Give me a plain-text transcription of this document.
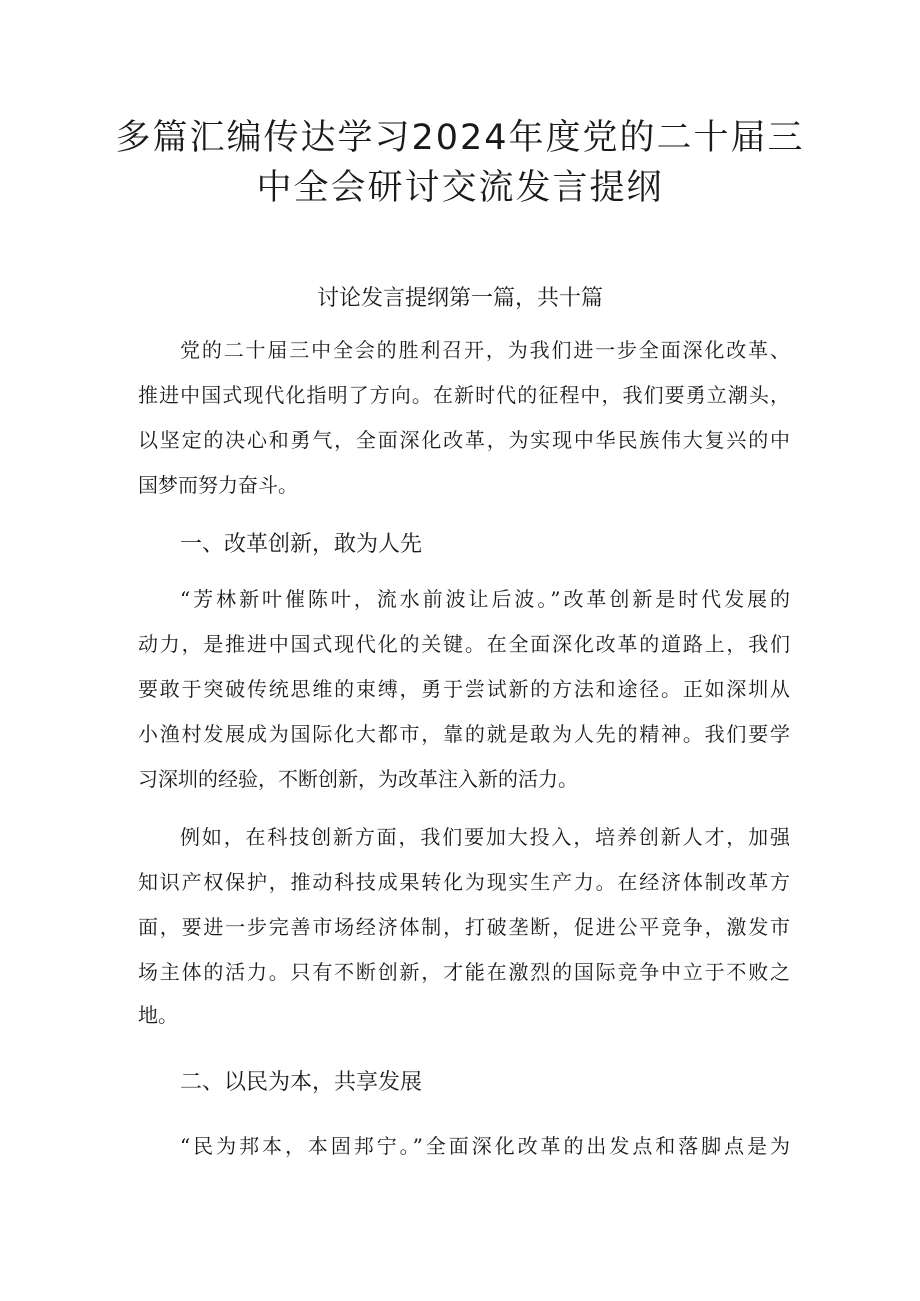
多篇汇编传达学习2024年度党的二十届三
中全会研讨交流发言提纲
讨论发言提纲第一篇，共十篇

党的二十届三中全会的胜利召开，为我们进一步全面深化改革、

推进中国式现代化指明了方向。在新时代的征程中，我们要勇立潮头，

以坚定的决心和勇气，全面深化改革，为实现中华民族伟大复兴的中

国梦而努力奋斗。

一、改革创新，敢为人先

“芳林新叶催陈叶，流水前波让后波。”改革创新是时代发展的

动力，是推进中国式现代化的关键。在全面深化改革的道路上，我们

要敢于突破传统思维的束缚，勇于尝试新的方法和途径。正如深圳从

小渔村发展成为国际化大都市，靠的就是敢为人先的精神。我们要学

习深圳的经验，不断创新，为改革注入新的活力。

例如，在科技创新方面，我们要加大投入，培养创新人才，加强

知识产权保护，推动科技成果转化为现实生产力。在经济体制改革方

面，要进一步完善市场经济体制，打破垄断，促进公平竞争，激发市

场主体的活力。只有不断创新，才能在激烈的国际竞争中立于不败之

地。

二、以民为本，共享发展

“民为邦本，本固邦宁。”全面深化改革的出发点和落脚点是为
